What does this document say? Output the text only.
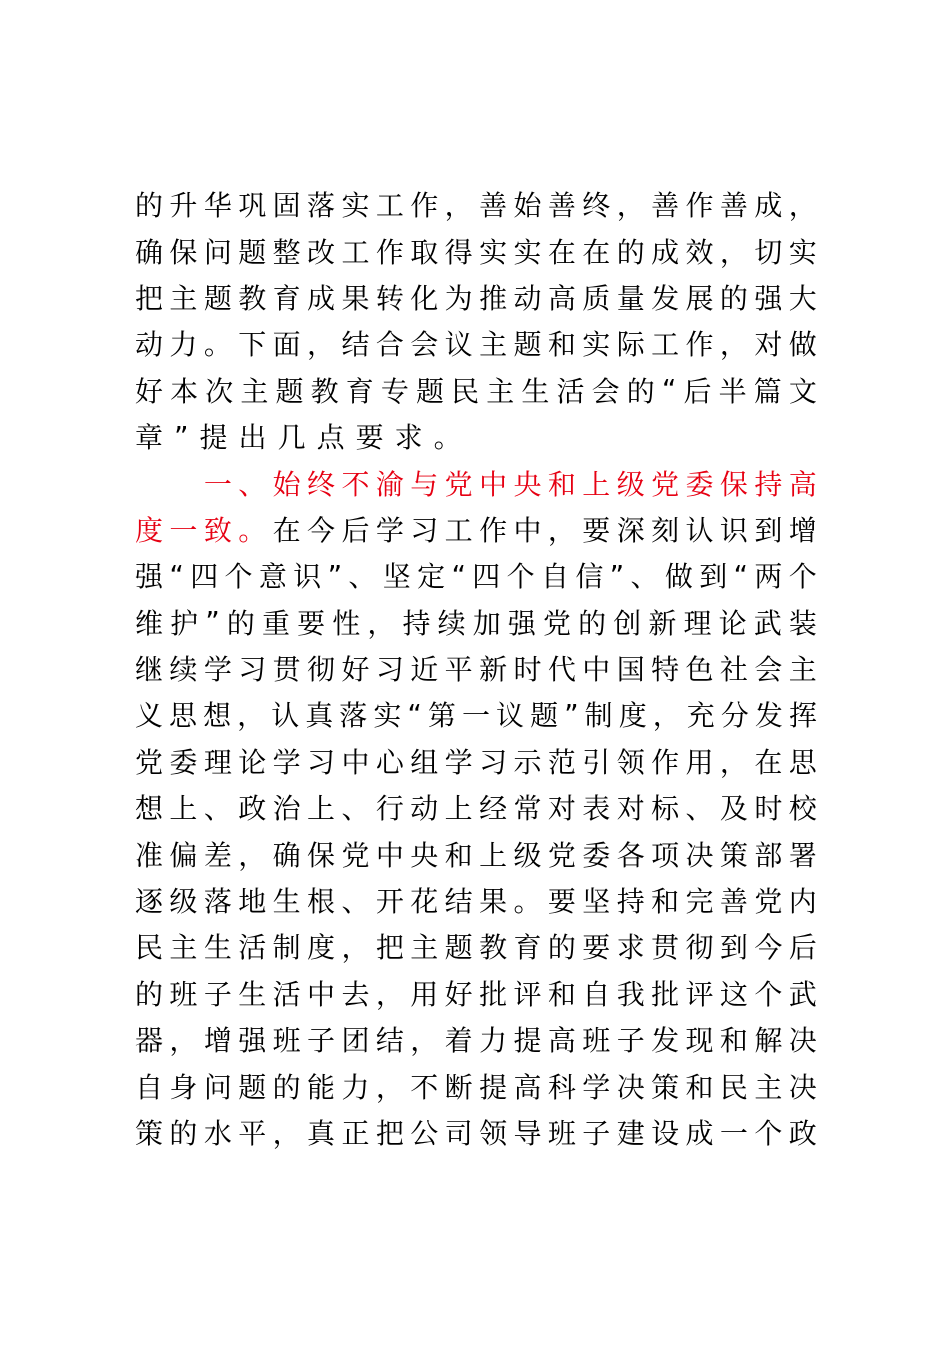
的 升 华 巩 固 落 实 工 作 ， 善 始 善 终 ， 善 作 善 成 ，
确 保 问 题 整 改 工 作 取 得 实 实 在 在 的 成 效 ， 切 实
把 主 题 教 育 成 果 转 化 为 推 动 高 质 量 发 展 的 强 大
动 力 。 下 面 ， 结 合 会 议 主 题 和 实 际 工 作 ， 对 做
好 本 次 主 题 教 育 专 题 民 主 生 活 会 的 “ 后 半 篇 文
章 ” 提 出 几 点 要 求 。

一 、 始 终 不 渝 与 党 中 央 和 上 级 党 委 保 持 高
度 一 致 。 在 今 后 学 习 工 作 中 ， 要 深 刻 认 识 到 增
强 “ 四 个 意 识 ” 、 坚 定 “ 四 个 自 信 ” 、 做 到 “ 两 个
维 护 ” 的 重 要 性 ， 持 续 加 强 党 的 创 新 理 论 武 装
继 续 学 习 贯 彻 好 习 近 平 新 时 代 中 国 特 色 社 会 主
义 思 想 ， 认 真 落 实 “ 第 一 议 题 ” 制 度 ， 充 分 发 挥
党 委 理 论 学 习 中 心 组 学 习 示 范 引 领 作 用 ， 在 思
想 上 、 政 治 上 、 行 动 上 经 常 对 表 对 标 、 及 时 校
准 偏 差 ， 确 保 党 中 央 和 上 级 党 委 各 项 决 策 部 署
逐 级 落 地 生 根 、 开 花 结 果 。 要 坚 持 和 完 善 党 内
民 主 生 活 制 度 ， 把 主 题 教 育 的 要 求 贯 彻 到 今 后
的 班 子 生 活 中 去 ， 用 好 批 评 和 自 我 批 评 这 个 武
器 ， 增 强 班 子 团 结 ， 着 力 提 高 班 子 发 现 和 解 决
自 身 问 题 的 能 力 ， 不 断 提 高 科 学 决 策 和 民 主 决
策 的 水 平 ， 真 正 把 公 司 领 导 班 子 建 设 成 一 个 政
